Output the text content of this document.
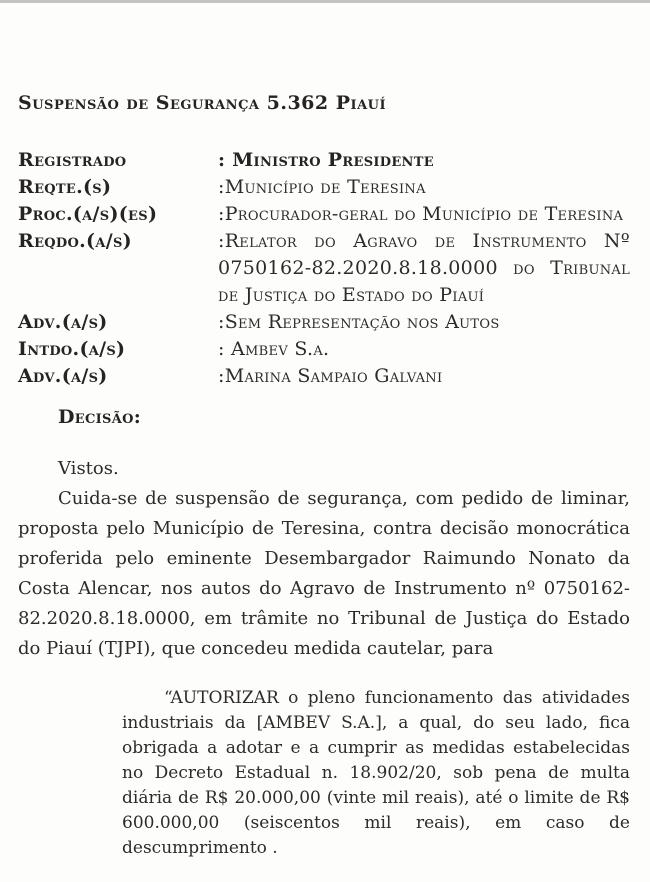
Suspensão de Segurança 5.362 Piauí
Registrado	: Ministro Presidente
Reqte.(s)	:Município de Teresina
Proc.(a/s)(es)	:Procurador-geral do Município de Teresina
Reqdo.(a/s)	:Relator do Agravo de Instrumento Nº 0750162-82.2020.8.18.0000 do Tribunal de Justiça do Estado do Piauí
Adv.(a/s)	:Sem Representação nos Autos
Intdo.(a/s)	: Ambev S.a.
Adv.(a/s)	:Marina Sampaio Galvani
Decisão:

Vistos.

Cuida-se de suspensão de segurança, com pedido de liminar, proposta pelo Município de Teresina, contra decisão monocrática proferida pelo eminente Desembargador Raimundo Nonato da Costa Alencar, nos autos do Agravo de Instrumento nº 0750162-82.2020.8.18.0000, em trâmite no Tribunal de Justiça do Estado do Piauí (TJPI), que concedeu medida cautelar, para

“AUTORIZAR o pleno funcionamento das atividades industriais da [AMBEV S.A.], a qual, do seu lado, fica obrigada a adotar e a cumprir as medidas estabelecidas no Decreto Estadual n. 18.902/20, sob pena de multa diária de R$ 20.000,00 (vinte mil reais), até o limite de R$ 600.000,00 (seiscentos mil reais), em caso de descumprimento .
